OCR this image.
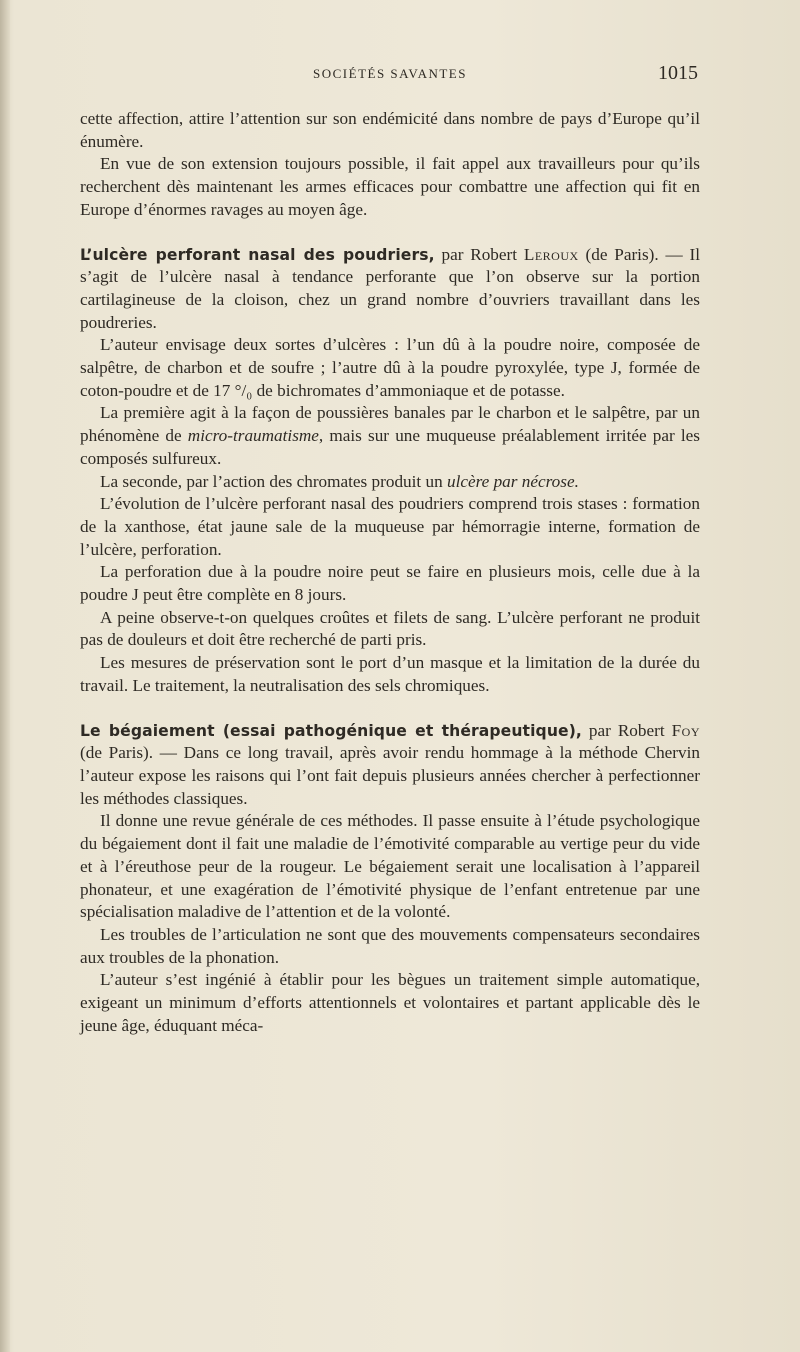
SOCIÉTÉS SAVANTES	1015

cette affection, attire l’attention sur son endémicité dans nombre de pays d’Europe qu’il énumère.

En vue de son extension toujours possible, il fait appel aux travailleurs pour qu’ils recherchent dès maintenant les armes efficaces pour combattre une affection qui fit en Europe d’énormes ravages au moyen âge.

L’ulcère perforant nasal des poudriers, par Robert Leroux (de Paris). — Il s’agit de l’ulcère nasal à tendance perforante que l’on observe sur la portion cartilagineuse de la cloison, chez un grand nombre d’ouvriers travaillant dans les poudreries.

L’auteur envisage deux sortes d’ulcères : l’un dû à la poudre noire, composée de salpêtre, de charbon et de soufre ; l’autre dû à la poudre pyroxylée, type J, formée de coton-poudre et de 17 °/₀ de bichromates d’ammoniaque et de potasse.

La première agit à la façon de poussières banales par le charbon et le salpêtre, par un phénomène de micro-traumatisme, mais sur une muqueuse préalablement irritée par les composés sulfureux.

La seconde, par l’action des chromates produit un ulcère par nécrose.

L’évolution de l’ulcère perforant nasal des poudriers comprend trois stases : formation de la xanthose, état jaune sale de la muqueuse par hémorragie interne, formation de l’ulcère, perforation.

La perforation due à la poudre noire peut se faire en plusieurs mois, celle due à la poudre J peut être complète en 8 jours.

A peine observe-t-on quelques croûtes et filets de sang. L’ulcère perforant ne produit pas de douleurs et doit être recherché de parti pris.

Les mesures de préservation sont le port d’un masque et la limitation de la durée du travail. Le traitement, la neutralisation des sels chromiques.

Le bégaiement (essai pathogénique et thérapeutique), par Robert Foy (de Paris). — Dans ce long travail, après avoir rendu hommage à la méthode Chervin l’auteur expose les raisons qui l’ont fait depuis plusieurs années chercher à perfectionner les méthodes classiques.

Il donne une revue générale de ces méthodes. Il passe ensuite à l’étude psychologique du bégaiement dont il fait une maladie de l’émotivité comparable au vertige peur du vide et à l’éreuthose peur de la rougeur. Le bégaiement serait une localisation à l’appareil phonateur, et une exagération de l’émotivité physique de l’enfant entretenue par une spécialisation maladive de l’attention et de la volonté.

Les troubles de l’articulation ne sont que des mouvements compensateurs secondaires aux troubles de la phonation.

L’auteur s’est ingénié à établir pour les bègues un traitement simple automatique, exigeant un minimum d’efforts attentionnels et volontaires et partant applicable dès le jeune âge, éduquant méca-
